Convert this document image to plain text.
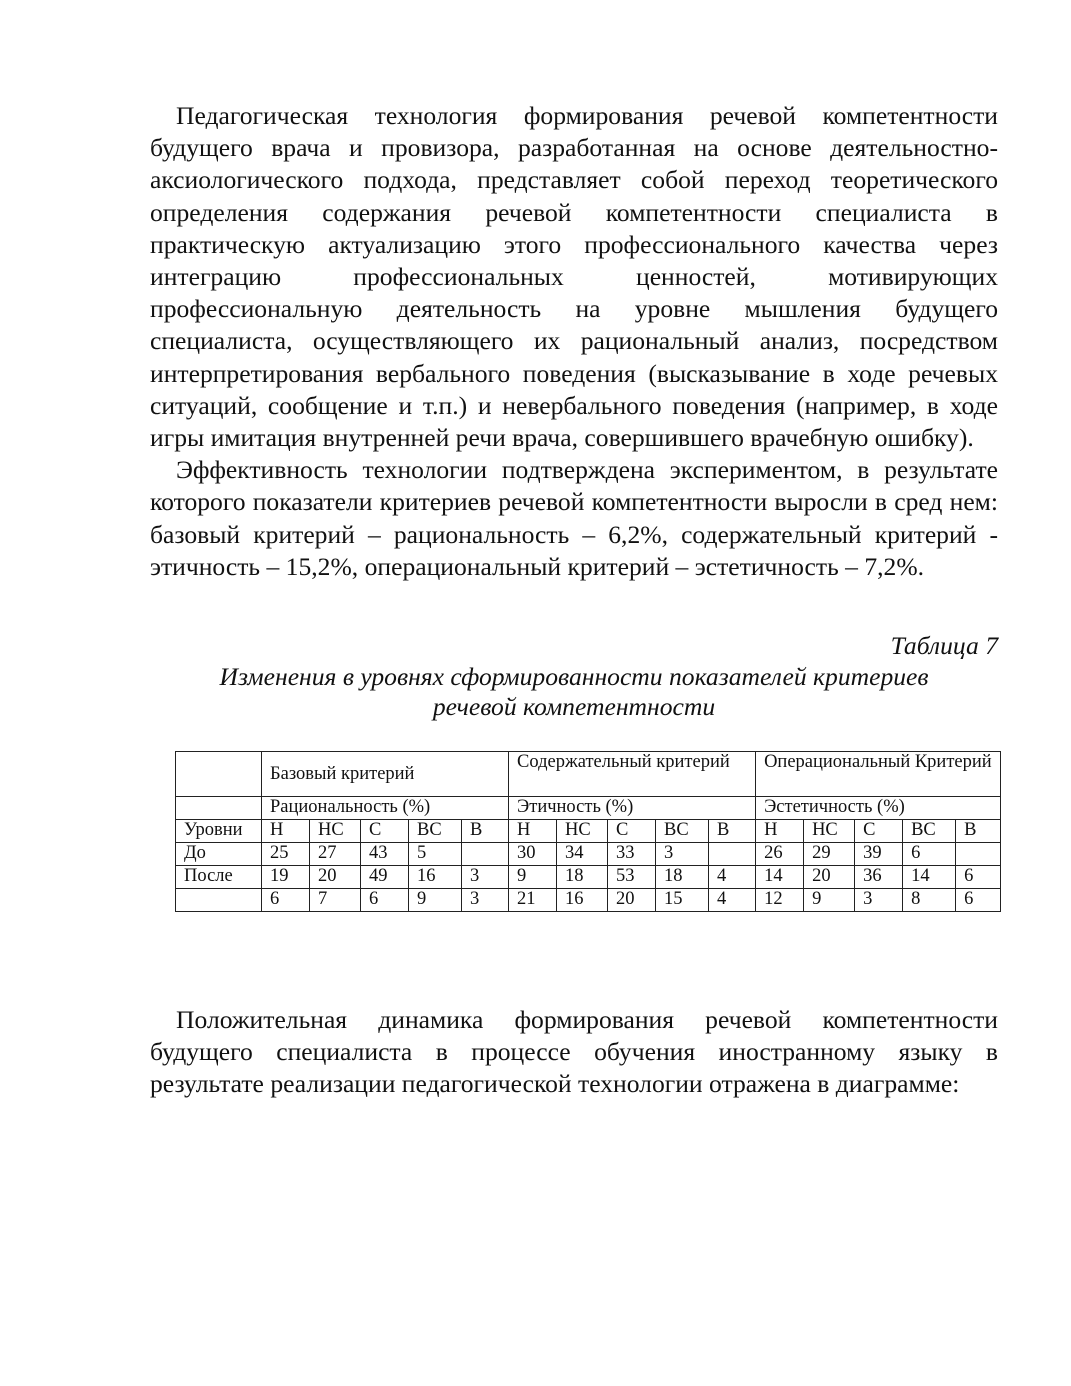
Педагогическая технология формирования речевой компетентности будущего врача и провизора, разработанная на основе деятельностно-аксиологического подхода, представляет собой переход теоретического определения содержания речевой компетентности специалиста в практическую актуализацию этого профессионального качества через интеграцию профессиональных ценностей, мотивирующих профессиональную деятельность на уровне мышления будущего специалиста, осуществляющего их рациональный анализ, посредством интерпретирования вербального поведения (высказывание в ходе речевых ситуаций, сообщение и т.п.) и невербального поведения (например, в ходе игры имитация внутренней речи врача, совершившего врачебную ошибку).

Эффективность технологии подтверждена экспериментом, в результате которого показатели критериев речевой компетентности выросли в сред нем: базовый критерий – рациональность – 6,2%, содержательный критерий - этичность – 15,2%, операциональный критерий – эстетичность – 7,2%.

Таблица 7

Изменения в уровнях сформированности показателей критериев
речевой компетентности

	Базовый критерий					Содержательный критерий					Операциональный Критерий				
	Рациональность (%)					Этичность (%)					Эстетичность (%)				
Уровни	Н	НС	С	ВС	В	Н	НС	С	ВС	В	Н	НС	С	ВС	В
До	25	27	43	5		30	34	33	3		26	29	39	6	
После	19	20	49	16	3	9	18	53	18	4	14	20	36	14	6
	6	7	6	9	3	21	16	20	15	4	12	9	3	8	6

Положительная динамика формирования речевой компетентности будущего специалиста в процессе обучения иностранному языку в результате реализации педагогической технологии отражена в диаграмме:
